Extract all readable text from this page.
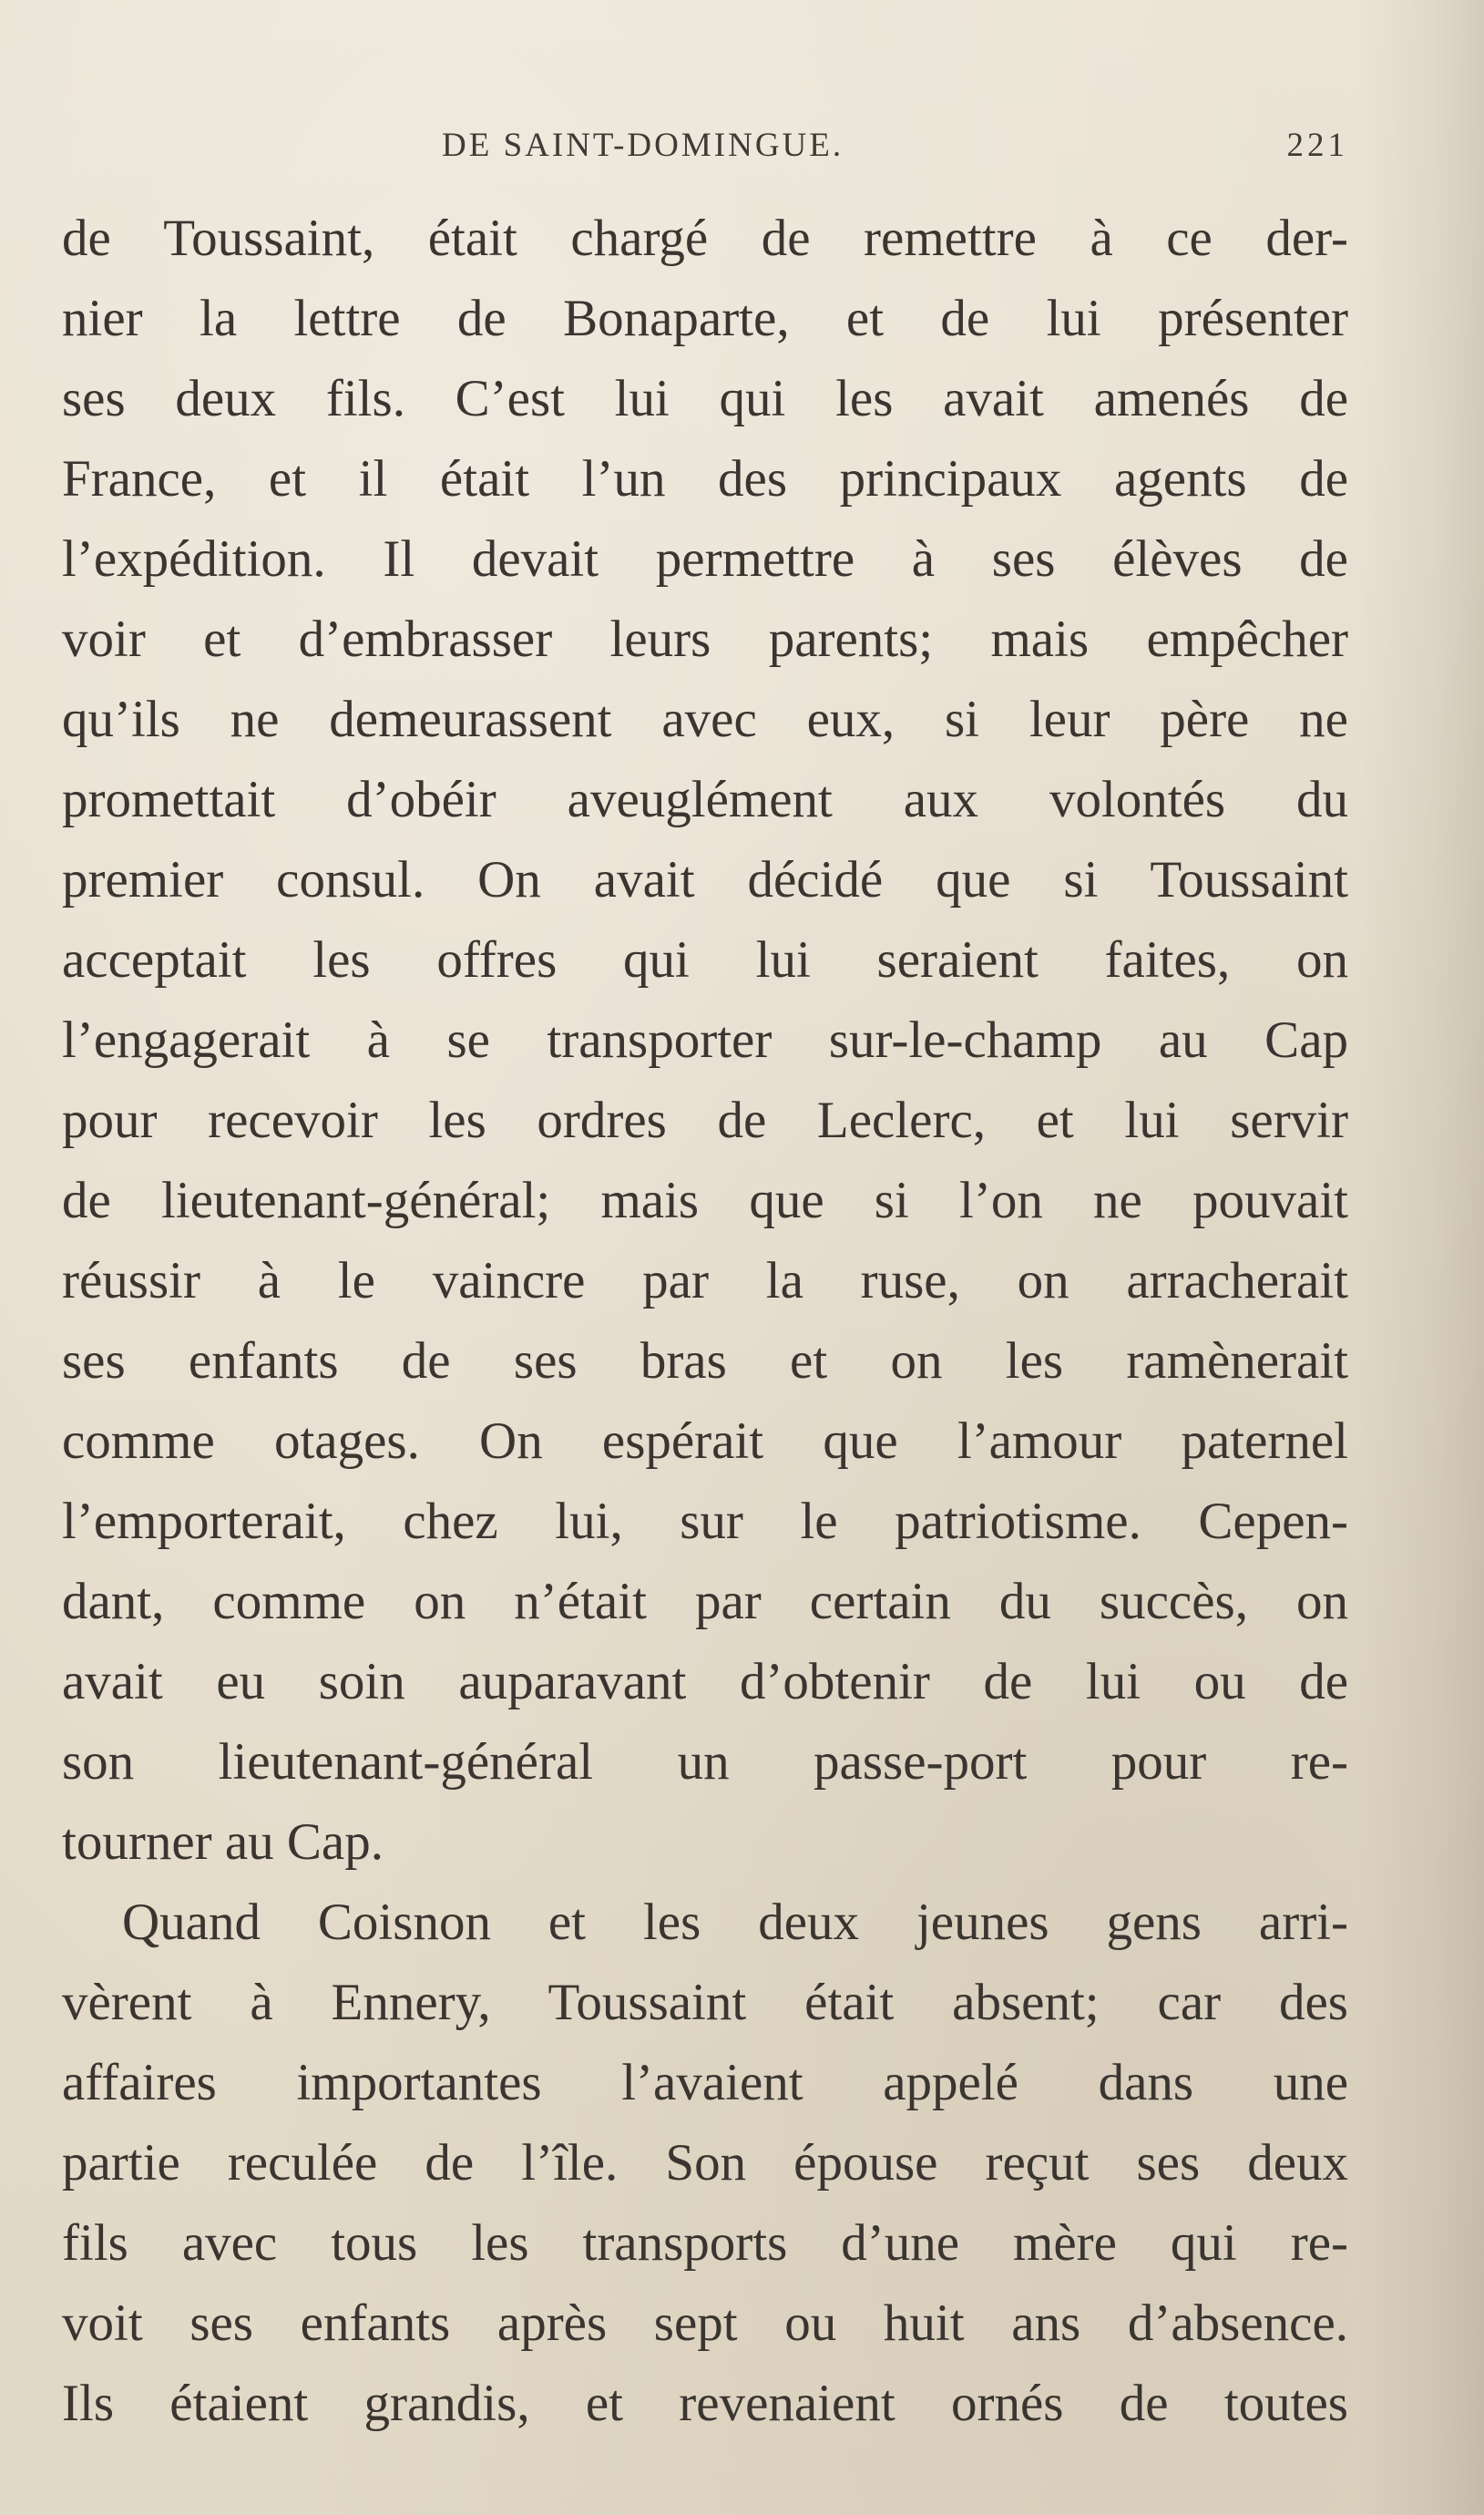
DE SAINT-DOMINGUE.	221
de Toussaint, était chargé de remettre à ce der-
nier la lettre de Bonaparte, et de lui présenter
ses deux fils. C’est lui qui les avait amenés de
France, et il était l’un des principaux agents de
l’expédition. Il devait permettre à ses élèves de
voir et d’embrasser leurs parents; mais empêcher
qu’ils ne demeurassent avec eux, si leur père ne
promettait d’obéir aveuglément aux volontés du
premier consul. On avait décidé que si Toussaint
acceptait les offres qui lui seraient faites, on
l’engagerait à se transporter sur-le-champ au Cap
pour recevoir les ordres de Leclerc, et lui servir
de lieutenant-général; mais que si l’on ne pouvait
réussir à le vaincre par la ruse, on arracherait
ses enfants de ses bras et on les ramènerait
comme otages. On espérait que l’amour paternel
l’emporterait, chez lui, sur le patriotisme. Cepen-
dant, comme on n’était par certain du succès, on
avait eu soin auparavant d’obtenir de lui ou de
son lieutenant-général un passe-port pour re-
tourner au Cap.
Quand Coisnon et les deux jeunes gens arri-
vèrent à Ennery, Toussaint était absent; car des
affaires importantes l’avaient appelé dans une
partie reculée de l’île. Son épouse reçut ses deux
fils avec tous les transports d’une mère qui re-
voit ses enfants après sept ou huit ans d’absence.
Ils étaient grandis, et revenaient ornés de toutes
